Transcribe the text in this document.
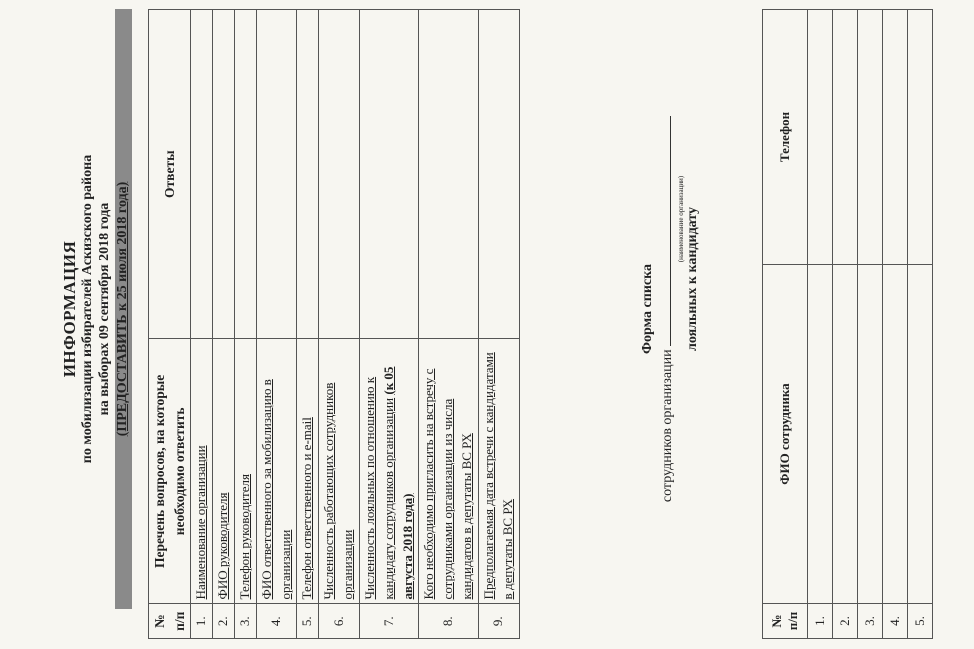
ИНФОРМАЦИЯ по мобилизации избирателей Аскизского района на выборах 09 сентября 2018 года (ПРЕДОСТАВИТЬ к 25 июля 2018 года)
№ п/п	Перечень вопросов, на которые необходимо ответить	Ответы
1.	Наименование организации	
2.	ФИО руководителя	
3.	Телефон руководителя	
4.	ФИО ответственного за мобилизацию в организации	
5.	Телефон ответственного и e-mail	
6.	Численность работающих сотрудников организации	
7.	Численность лояльных по отношению к кандидату сотрудников организации (к 05 августа 2018 года)	
8.	Кого необходимо пригласить на встречу с сотрудниками организации из числа кандидатов в депутаты ВС РХ	
9.	Предполагаемая дата встречи с кандидатами в депутаты ВС РХ	
Форма списка
сотрудников организации
(наименование организации) лояльных к кандидату
№ п/п	ФИО сотрудника	Телефон
1.		
2.		
3.		
4.		
5.		
